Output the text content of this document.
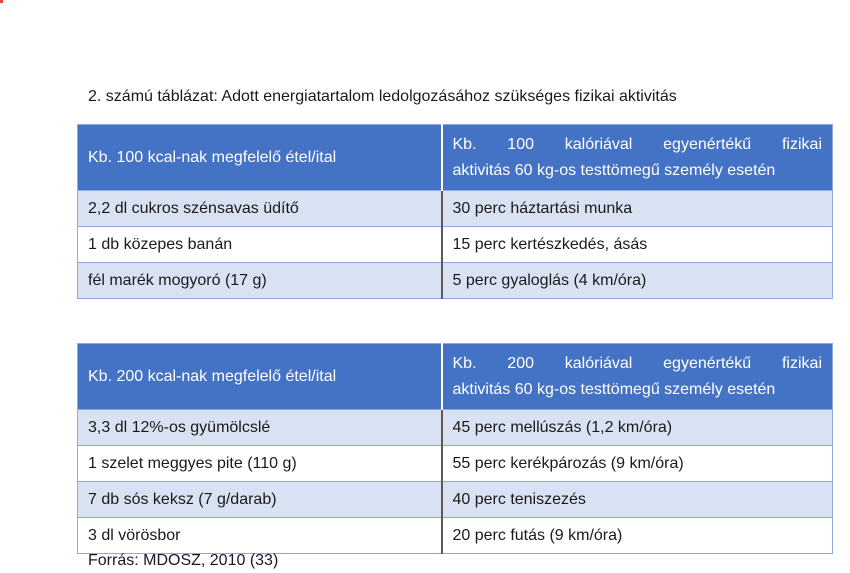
2. számú táblázat: Adott energiatartalom ledolgozásához szükséges fizikai aktivitás
Kb. 100 kcal-nak megfelelő étel/ital	Kb. 100 kalóriával egyenértékű fizikai
aktivitás 60 kg-os testtömegű személy esetén

2,2 dl cukros szénsavas üdítő	30 perc háztartási munka
1 db közepes banán	15 perc kertészkedés, ásás
fél marék mogyoró (17 g)	5 perc gyaloglás (4 km/óra)
Kb. 200 kcal-nak megfelelő étel/ital	Kb. 200 kalóriával egyenértékű fizikai
aktivitás 60 kg-os testtömegű személy esetén

3,3 dl 12%-os gyümölcslé	45 perc mellúszás (1,2 km/óra)
1 szelet meggyes pite (110 g)	55 perc kerékpározás (9 km/óra)
7 db sós keksz (7 g/darab)	40 perc teniszezés
3 dl vörösbor	20 perc futás (9 km/óra)
Forrás: MDOSZ, 2010 (33)
